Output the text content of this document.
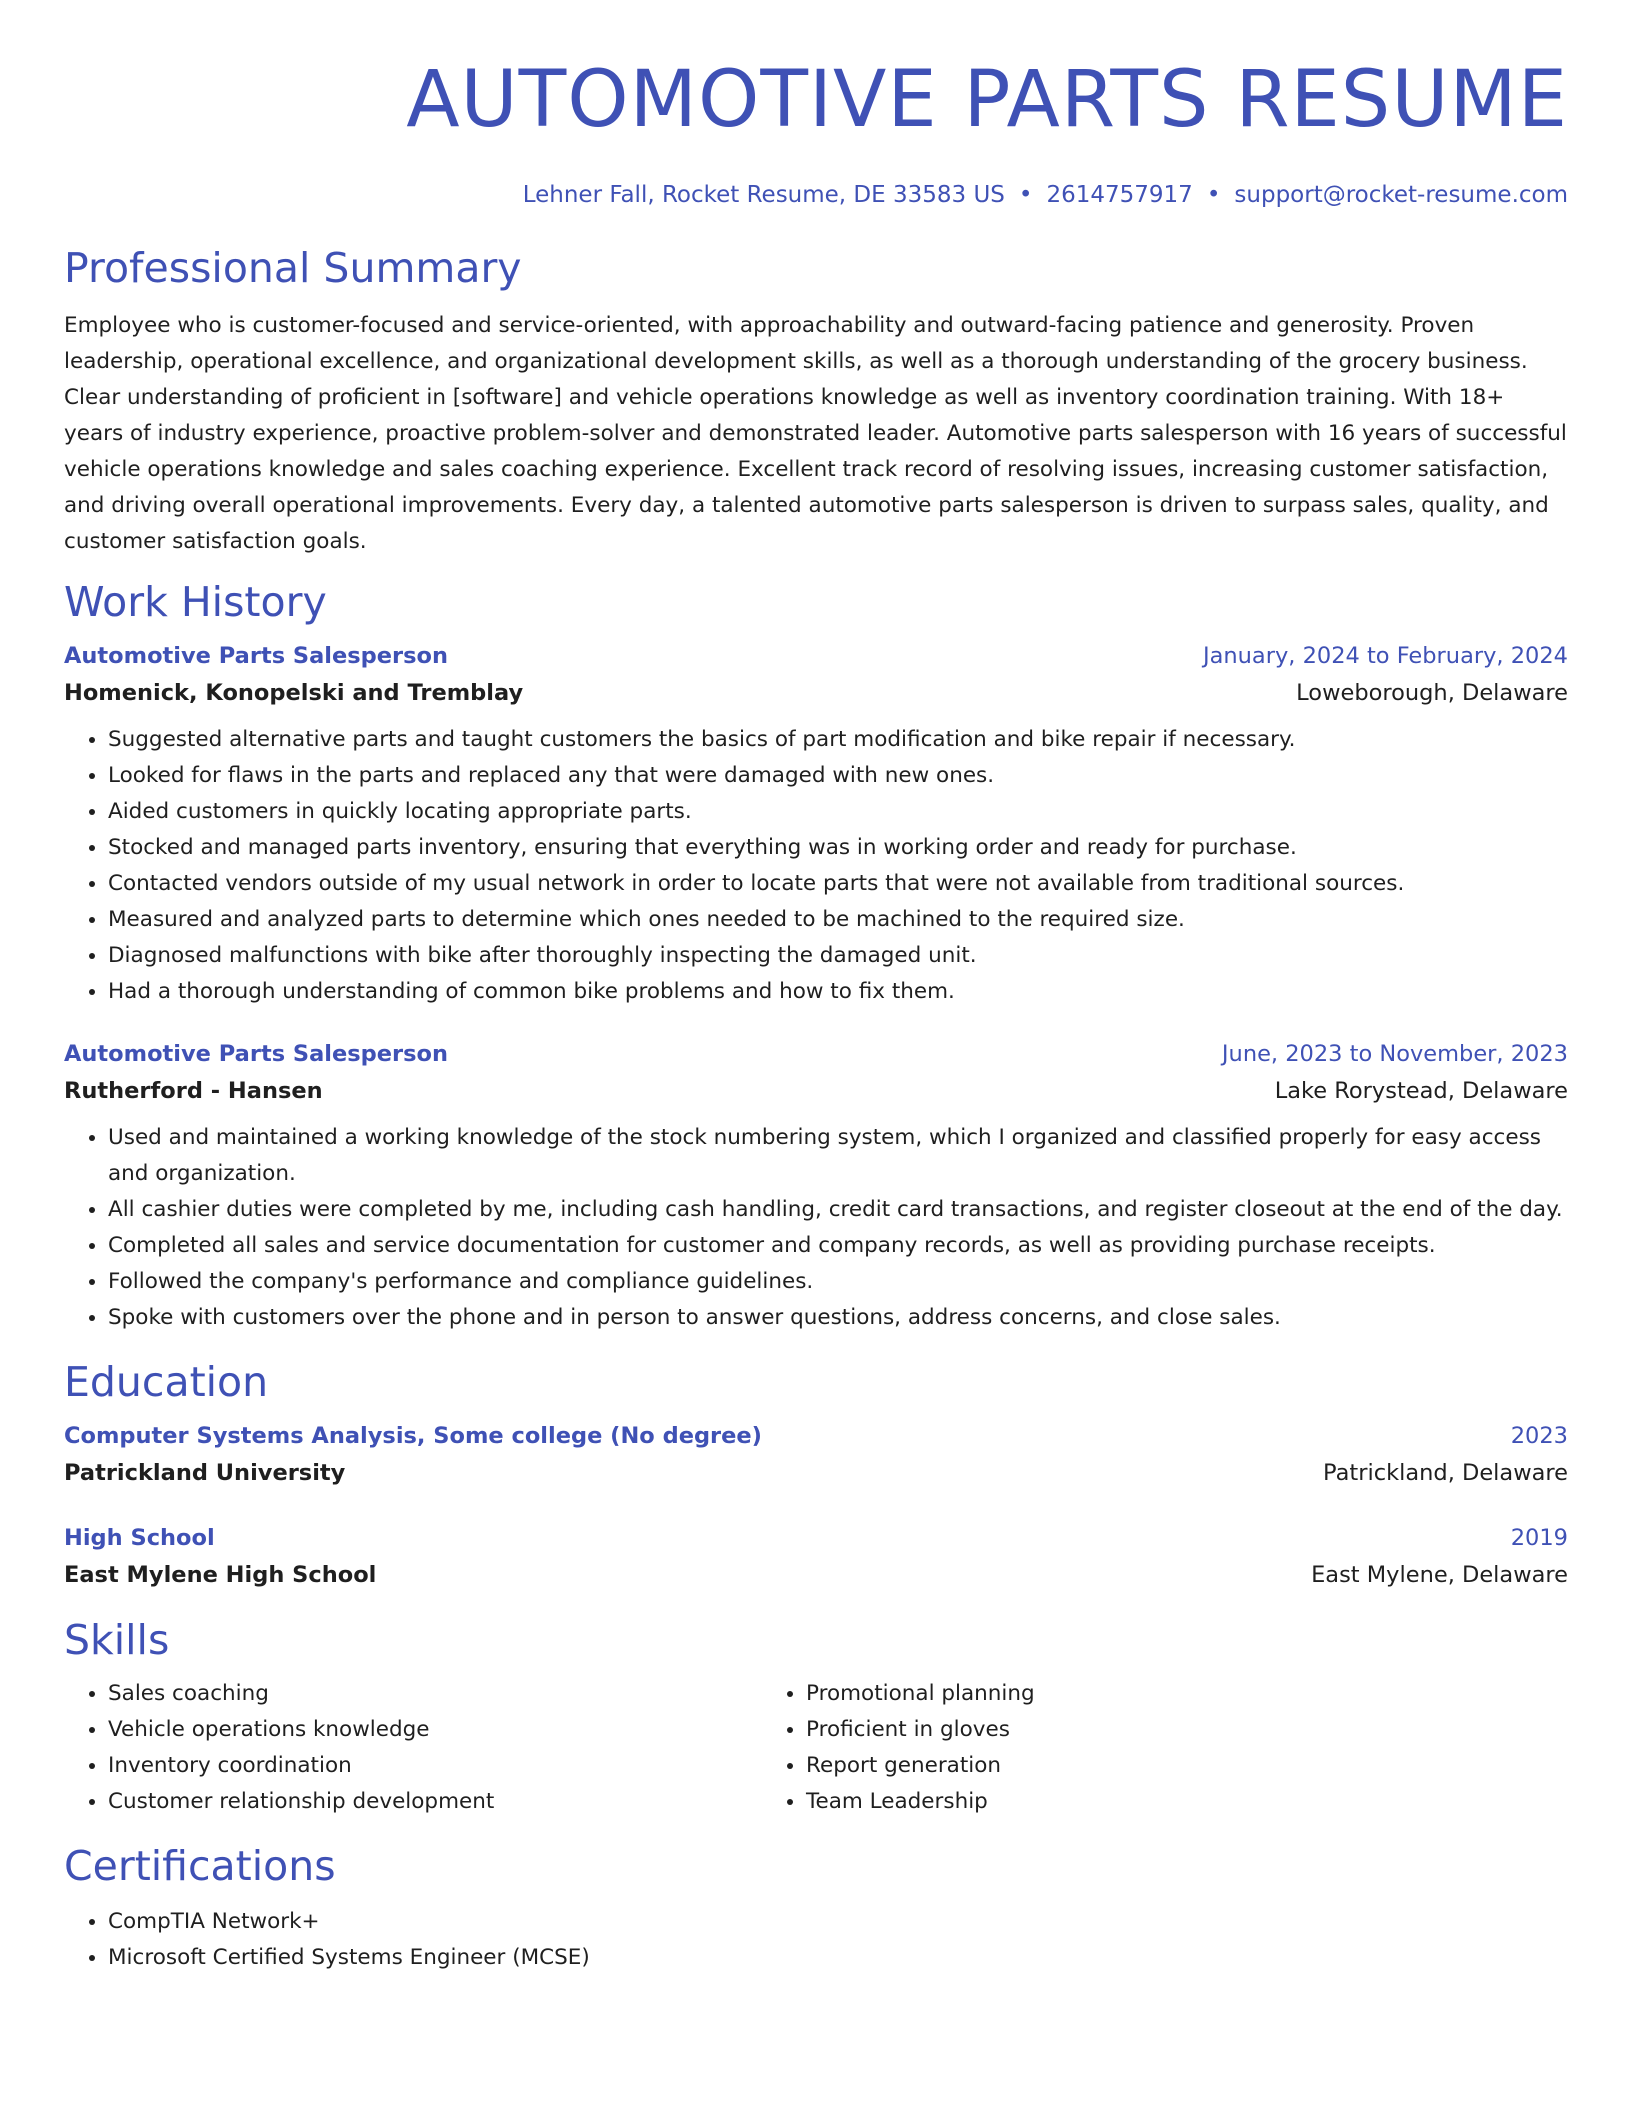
AUTOMOTIVE PARTS RESUME
Lehner Fall, Rocket Resume, DE 33583 US • 2614757917 • support@rocket-resume.com
Professional Summary
Employee who is customer-focused and service-oriented, with approachability and outward-facing patience and generosity. Proven leadership, operational excellence, and organizational development skills, as well as a thorough understanding of the grocery business. Clear understanding of proficient in [software] and vehicle operations knowledge as well as inventory coordination training. With 18+ years of industry experience, proactive problem-solver and demonstrated leader. Automotive parts salesperson with 16 years of successful vehicle operations knowledge and sales coaching experience. Excellent track record of resolving issues, increasing customer satisfaction, and driving overall operational improvements. Every day, a talented automotive parts salesperson is driven to surpass sales, quality, and customer satisfaction goals.
Work History
Automotive Parts Salesperson	January, 2024 to February, 2024
Homenick, Konopelski and Tremblay	Loweborough, Delaware
• Suggested alternative parts and taught customers the basics of part modification and bike repair if necessary.
• Looked for flaws in the parts and replaced any that were damaged with new ones.
• Aided customers in quickly locating appropriate parts.
• Stocked and managed parts inventory, ensuring that everything was in working order and ready for purchase.
• Contacted vendors outside of my usual network in order to locate parts that were not available from traditional sources.
• Measured and analyzed parts to determine which ones needed to be machined to the required size.
• Diagnosed malfunctions with bike after thoroughly inspecting the damaged unit.
• Had a thorough understanding of common bike problems and how to fix them.
Automotive Parts Salesperson	June, 2023 to November, 2023
Rutherford - Hansen	Lake Rorystead, Delaware
• Used and maintained a working knowledge of the stock numbering system, which I organized and classified properly for easy access and organization.
• All cashier duties were completed by me, including cash handling, credit card transactions, and register closeout at the end of the day.
• Completed all sales and service documentation for customer and company records, as well as providing purchase receipts.
• Followed the company's performance and compliance guidelines.
• Spoke with customers over the phone and in person to answer questions, address concerns, and close sales.
Education
Computer Systems Analysis, Some college (No degree)	2023
Patrickland University	Patrickland, Delaware
High School	2019
East Mylene High School	East Mylene, Delaware
Skills
• Sales coaching
• Vehicle operations knowledge
• Inventory coordination
• Customer relationship development
• Promotional planning
• Proficient in gloves
• Report generation
• Team Leadership
Certifications
• CompTIA Network+
• Microsoft Certified Systems Engineer (MCSE)
